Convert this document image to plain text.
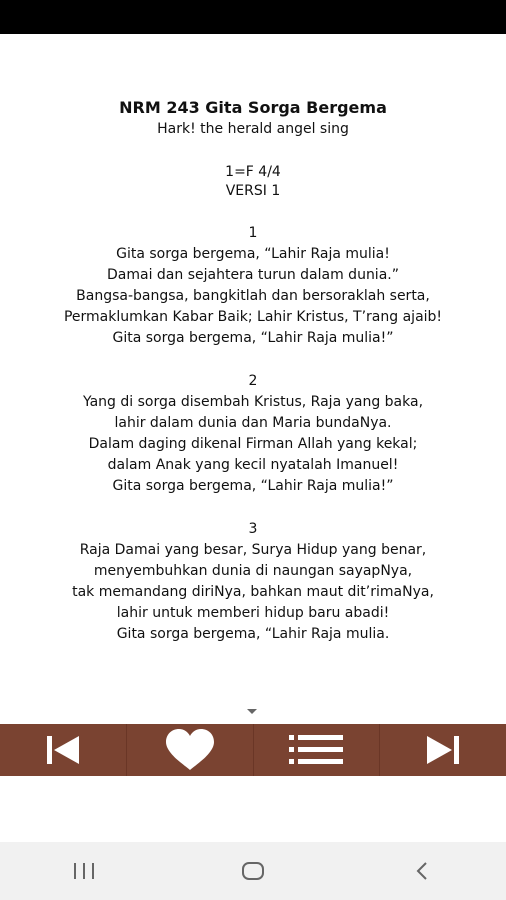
NRM 243 Gita Sorga Bergema
Hark! the herald angel sing
1=F 4/4
VERSI 1
1
Gita sorga bergema, “Lahir Raja mulia!
Damai dan sejahtera turun dalam dunia.”
Bangsa-bangsa, bangkitlah dan bersoraklah serta,
Permaklumkan Kabar Baik; Lahir Kristus, T’rang ajaib!
Gita sorga bergema, “Lahir Raja mulia!”
2
Yang di sorga disembah Kristus, Raja yang baka,
lahir dalam dunia dan Maria bundaNya.
Dalam daging dikenal Firman Allah yang kekal;
dalam Anak yang kecil nyatalah Imanuel!
Gita sorga bergema, “Lahir Raja mulia!”
3
Raja Damai yang besar, Surya Hidup yang benar,
menyembuhkan dunia di naungan sayapNya,
tak memandang diriNya, bahkan maut dit’rimaNya,
lahir untuk memberi hidup baru abadi!
Gita sorga bergema, “Lahir Raja mulia.
